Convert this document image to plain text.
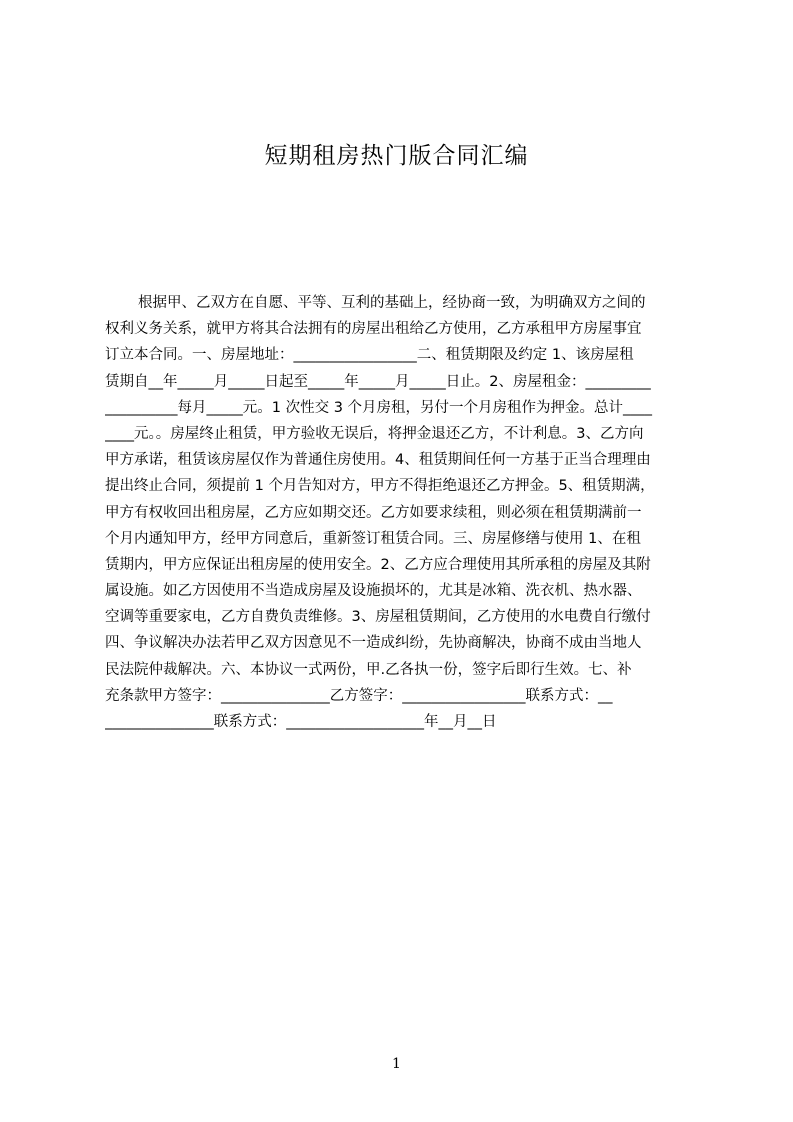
短期租房热门版合同汇编
根据甲、乙双方在自愿、平等、互利的基础上，经协商一致，为明确双方之间的
权利义务关系，就甲方将其合法拥有的房屋出租给乙方使用，乙方承租甲方房屋事宜
订立本合同。一、房屋地址：_________________二、租赁期限及约定 1、该房屋租
赁期自__年_____月_____日起至_____年_____月_____日止。2、房屋租金：_________
__________每月_____元。1 次性交 3 个月房租，另付一个月房租作为押金。总计____
____元。。房屋终止租赁，甲方验收无误后，将押金退还乙方，不计利息。3、乙方向
甲方承诺，租赁该房屋仅作为普通住房使用。4、租赁期间任何一方基于正当合理理由
提出终止合同，须提前 1 个月告知对方，甲方不得拒绝退还乙方押金。5、租赁期满，
甲方有权收回出租房屋，乙方应如期交还。乙方如要求续租，则必须在租赁期满前一
个月内通知甲方，经甲方同意后，重新签订租赁合同。三、房屋修缮与使用 1、在租
赁期内，甲方应保证出租房屋的使用安全。2、乙方应合理使用其所承租的房屋及其附
属设施。如乙方因使用不当造成房屋及设施损坏的，尤其是冰箱、洗衣机、热水器、
空调等重要家电，乙方自费负责维修。3、房屋租赁期间，乙方使用的水电费自行缴付
四、争议解决办法若甲乙双方因意见不一造成纠纷，先协商解决，协商不成由当地人
民法院仲裁解决。六、本协议一式两份，甲.乙各执一份，签字后即行生效。七、补
充条款甲方签字：_______________乙方签字：_________________联系方式：__
_______________联系方式：___________________年__月__日
1
